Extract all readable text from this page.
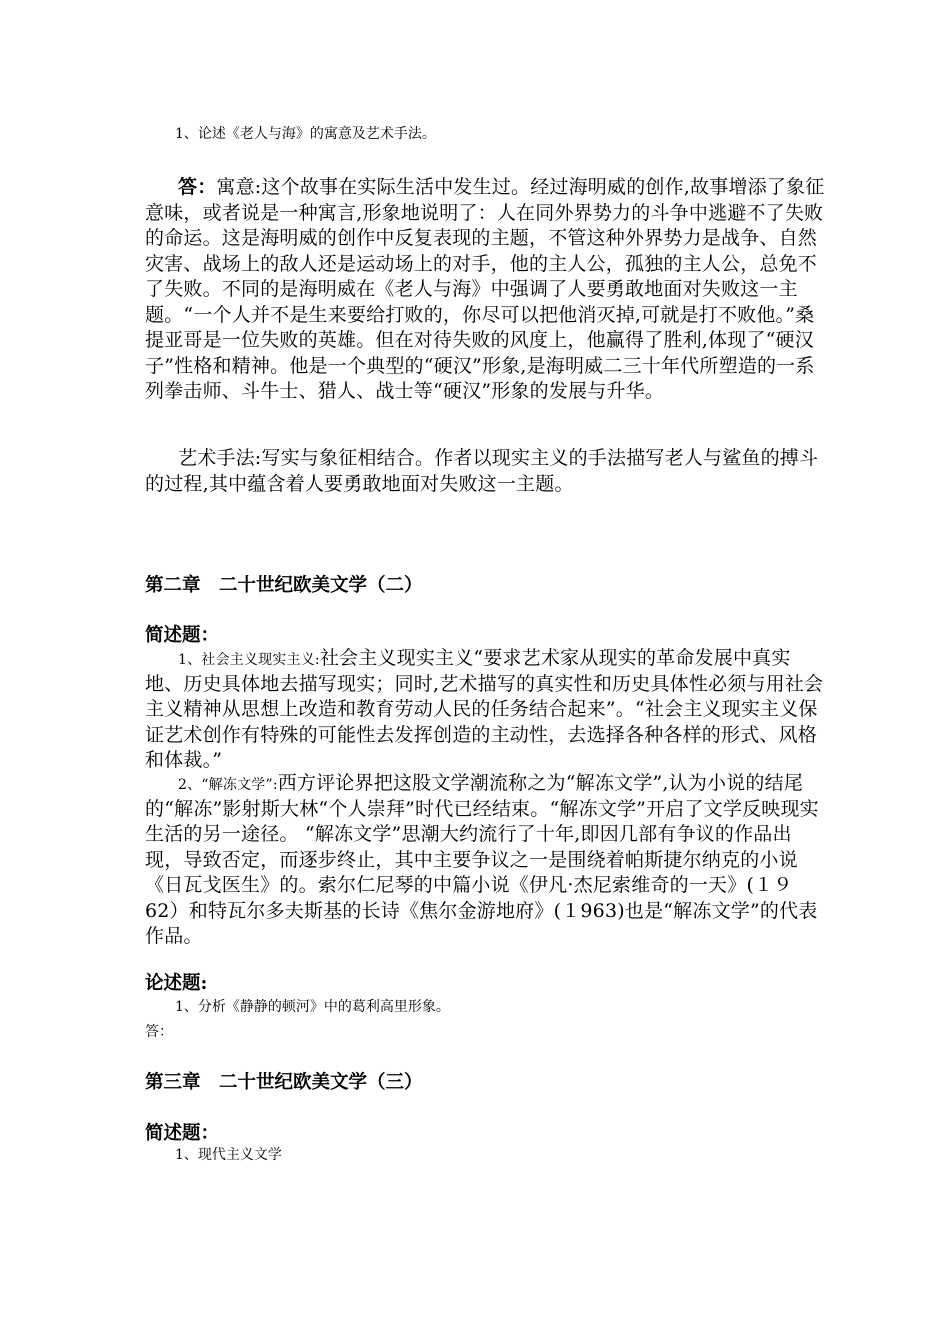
1、论述《老人与海》的寓意及艺术手法。
答：寓意:这个故事在实际生活中发生过。经过海明威的创作,故事增添了象征意味，或者说是一种寓言,形象地说明了：人在同外界势力的斗争中逃避不了失败的命运。这是海明威的创作中反复表现的主题，不管这种外界势力是战争、自然灾害、战场上的敌人还是运动场上的对手，他的主人公，孤独的主人公，总免不了失败。不同的是海明威在《老人与海》中强调了人要勇敢地面对失败这一主题。“一个人并不是生来要给打败的，你尽可以把他消灭掉,可就是打不败他。”桑提亚哥是一位失败的英雄。但在对待失败的风度上，他赢得了胜利,体现了“硬汉子”性格和精神。他是一个典型的“硬汉”形象,是海明威二三十年代所塑造的一系列拳击师、斗牛士、猎人、战士等“硬汉”形象的发展与升华。
艺术手法:写实与象征相结合。作者以现实主义的手法描写老人与鲨鱼的搏斗的过程,其中蕴含着人要勇敢地面对失败这一主题。
第二章　二十世纪欧美文学（二）
简述题：
1、社会主义现实主义:社会主义现实主义“要求艺术家从现实的革命发展中真实地、历史具体地去描写现实；同时,艺术描写的真实性和历史具体性必须与用社会主义精神从思想上改造和教育劳动人民的任务结合起来”。“社会主义现实主义保证艺术创作有特殊的可能性去发挥创造的主动性，去选择各种各样的形式、风格和体裁。”
2、“解冻文学”:西方评论界把这股文学潮流称之为“解冻文学”,认为小说的结尾的“解冻”影射斯大林“个人崇拜”时代已经结束。“解冻文学”开启了文学反映现实生活的另一途径。 “解冻文学”思潮大约流行了十年,即因几部有争议的作品出现，导致否定，而逐步终止，其中主要争议之一是围绕着帕斯捷尔纳克的小说《日瓦戈医生》的。索尔仁尼琴的中篇小说《伊凡·杰尼索维奇的一天》(１９62）和特瓦尔多夫斯基的长诗《焦尔金游地府》(１963)也是“解冻文学”的代表作品。
论述题:
1、分析《静静的顿河》中的葛利高里形象。
答：
第三章　二十世纪欧美文学（三）
简述题：
1、现代主义文学
